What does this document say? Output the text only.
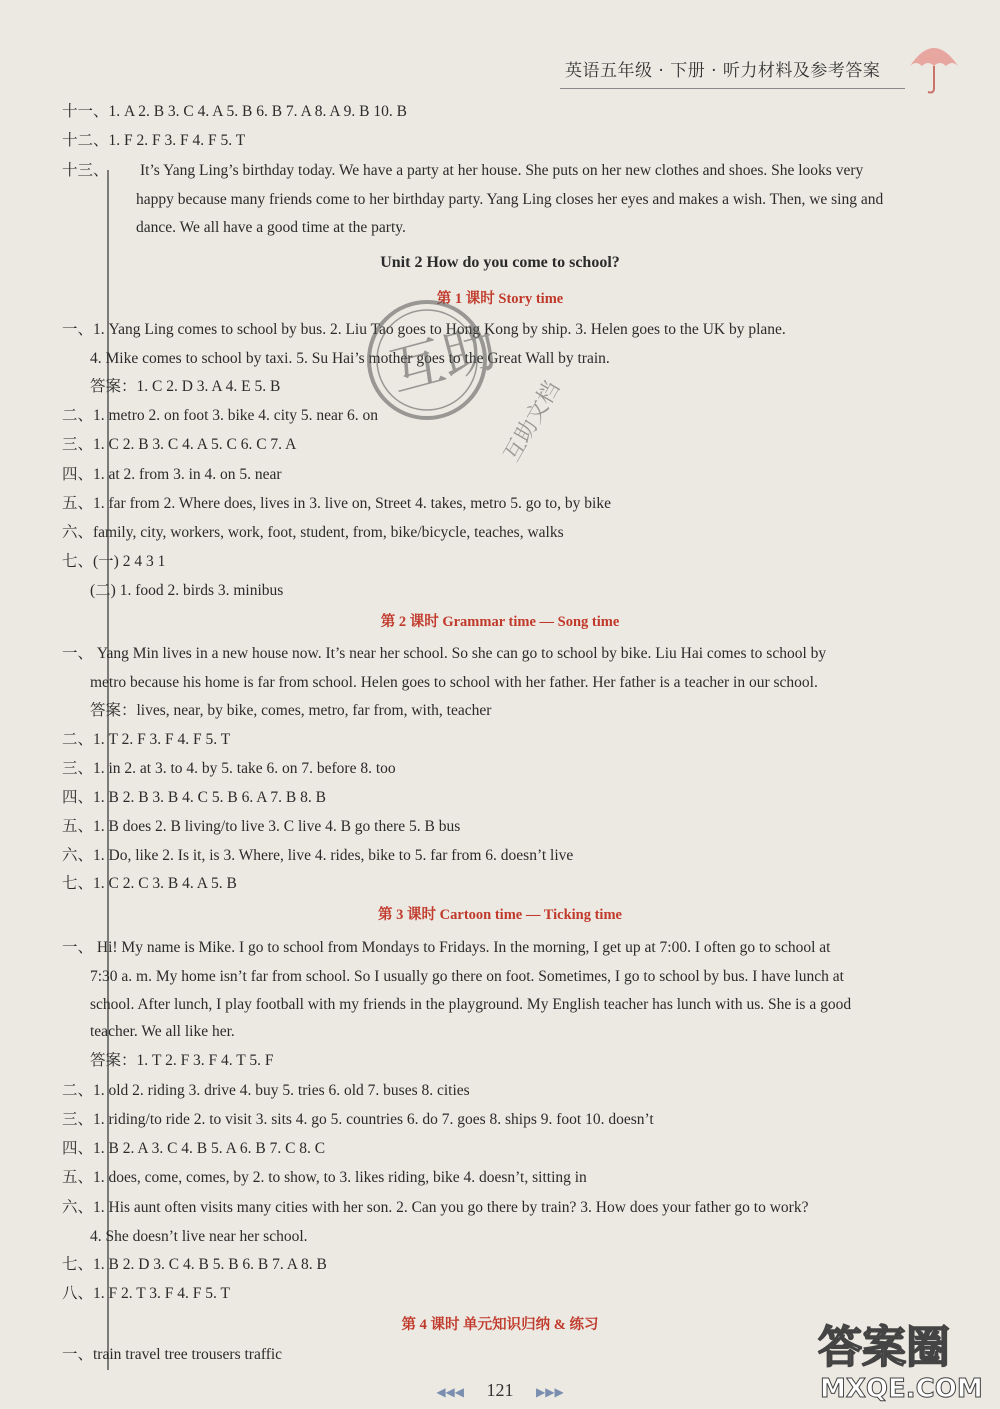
英语五年级 · 下册 · 听力材料及参考答案
十一、1. A 2. B 3. C 4. A 5. B 6. B 7. A 8. A 9. B 10. B
十二、1. F 2. F 3. F 4. F 5. T
十三、 It’s Yang Ling’s birthday today. We have a party at her house. She puts on her new clothes and shoes. She looks very
happy because many friends come to her birthday party. Yang Ling closes her eyes and makes a wish. Then, we sing and
dance. We all have a good time at the party.
Unit 2 How do you come to school?
第 1 课时 Story time
一、1. Yang Ling comes to school by bus. 2. Liu Tao goes to Hong Kong by ship. 3. Helen goes to the UK by plane.
4. Mike comes to school by taxi. 5. Su Hai’s mother goes to the Great Wall by train.
答案：1. C 2. D 3. A 4. E 5. B
二、1. metro 2. on foot 3. bike 4. city 5. near 6. on
三、1. C 2. B 3. C 4. A 5. C 6. C 7. A
四、1. at 2. from 3. in 4. on 5. near
五、1. far from 2. Where does, lives in 3. live on, Street 4. takes, metro 5. go to, by bike
六、family, city, workers, work, foot, student, from, bike/bicycle, teaches, walks
七、(一) 2 4 3 1
(二) 1. food 2. birds 3. minibus
第 2 课时 Grammar time — Song time
一、 Yang Min lives in a new house now. It’s near her school. So she can go to school by bike. Liu Hai comes to school by
metro because his home is far from school. Helen goes to school with her father. Her father is a teacher in our school.
答案：lives, near, by bike, comes, metro, far from, with, teacher
二、1. T 2. F 3. F 4. F 5. T
三、1. in 2. at 3. to 4. by 5. take 6. on 7. before 8. too
四、1. B 2. B 3. B 4. C 5. B 6. A 7. B 8. B
五、1. B does 2. B living/to live 3. C live 4. B go there 5. B bus
六、1. Do, like 2. Is it, is 3. Where, live 4. rides, bike to 5. far from 6. doesn’t live
七、1. C 2. C 3. B 4. A 5. B
第 3 课时 Cartoon time — Ticking time
一、 Hi! My name is Mike. I go to school from Mondays to Fridays. In the morning, I get up at 7:00. I often go to school at
7:30 a. m. My home isn’t far from school. So I usually go there on foot. Sometimes, I go to school by bus. I have lunch at
school. After lunch, I play football with my friends in the playground. My English teacher has lunch with us. She is a good
teacher. We all like her.
答案：1. T 2. F 3. F 4. T 5. F
二、1. old 2. riding 3. drive 4. buy 5. tries 6. old 7. buses 8. cities
三、1. riding/to ride 2. to visit 3. sits 4. go 5. countries 6. do 7. goes 8. ships 9. foot 10. doesn’t
四、1. B 2. A 3. C 4. B 5. A 6. B 7. C 8. C
五、1. does, come, comes, by 2. to show, to 3. likes riding, bike 4. doesn’t, sitting in
六、1. His aunt often visits many cities with her son. 2. Can you go there by train? 3. How does your father go to work?
4. She doesn’t live near her school.
七、1. B 2. D 3. C 4. B 5. B 6. B 7. A 8. B
八、1. F 2. T 3. F 4. F 5. T
第 4 课时 单元知识归纳 & 练习
一、train travel tree trousers traffic
互助
互助文档
◀◀◀ 121 ▶▶▶
答案圈
MXQE.COM
